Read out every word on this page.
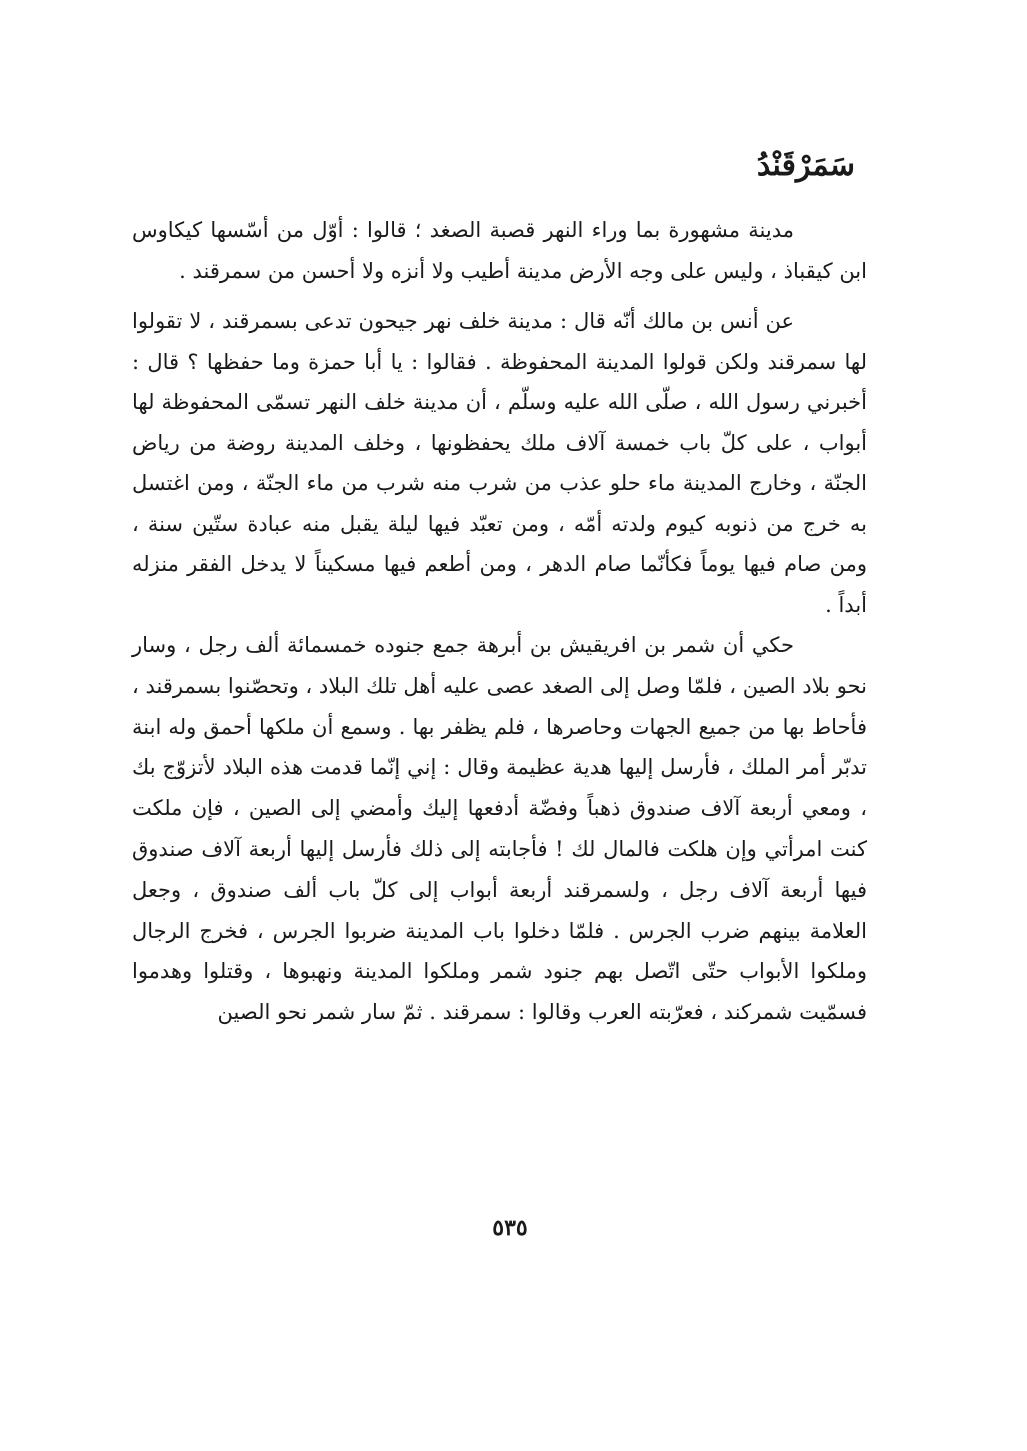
سَمَرْقَنْدُ

مدينة مشهورة بما وراء النهر قصبة الصغد ؛ قالوا : أوّل من أسّسها كيكاوس ابن كيقباذ ، وليس على وجه الأرض مدينة أطيب ولا أنزه ولا أحسن من سمرقند .

عن أنس بن مالك أنّه قال : مدينة خلف نهر جيحون تدعى بسمرقند ، لا تقولوا لها سمرقند ولكن قولوا المدينة المحفوظة . فقالوا : يا أبا حمزة وما حفظها ؟ قال : أخبرني رسول الله ، صلّى الله عليه وسلّم ، أن مدينة خلف النهر تسمّى المحفوظة لها أبواب ، على كلّ باب خمسة آلاف ملك يحفظونها ، وخلف المدينة روضة من رياض الجنّة ، وخارج المدينة ماء حلو عذب من شرب منه شرب من ماء الجنّة ، ومن اغتسل به خرج من ذنوبه كيوم ولدته أمّه ، ومن تعبّد فيها ليلة يقبل منه عبادة ستّين سنة ، ومن صام فيها يوماً فكأنّما صام الدهر ، ومن أطعم فيها مسكيناً لا يدخل الفقر منزله أبداً .

حكي أن شمر بن افريقيش بن أبرهة جمع جنوده خمسمائة ألف رجل ، وسار نحو بلاد الصين ، فلمّا وصل إلى الصغد عصى عليه أهل تلك البلاد ، وتحصّنوا بسمرقند ، فأحاط بها من جميع الجهات وحاصرها ، فلم يظفر بها . وسمع أن ملكها أحمق وله ابنة تدبّر أمر الملك ، فأرسل إليها هدية عظيمة وقال : إني إنّما قدمت هذه البلاد لأتزوّج بك ، ومعي أربعة آلاف صندوق ذهباً وفضّة أدفعها إليك وأمضي إلى الصين ، فإن ملكت كنت امرأتي وإن هلكت فالمال لك ! فأجابته إلى ذلك فأرسل إليها أربعة آلاف صندوق فيها أربعة آلاف رجل ، ولسمرقند أربعة أبواب إلى كلّ باب ألف صندوق ، وجعل العلامة بينهم ضرب الجرس . فلمّا دخلوا باب المدينة ضربوا الجرس ، فخرج الرجال وملكوا الأبواب حتّى اتّصل بهم جنود شمر وملكوا المدينة ونهبوها ، وقتلوا وهدموا فسمّيت شمركند ، فعرّبته العرب وقالوا : سمرقند . ثمّ سار شمر نحو الصين

٥٣٥
